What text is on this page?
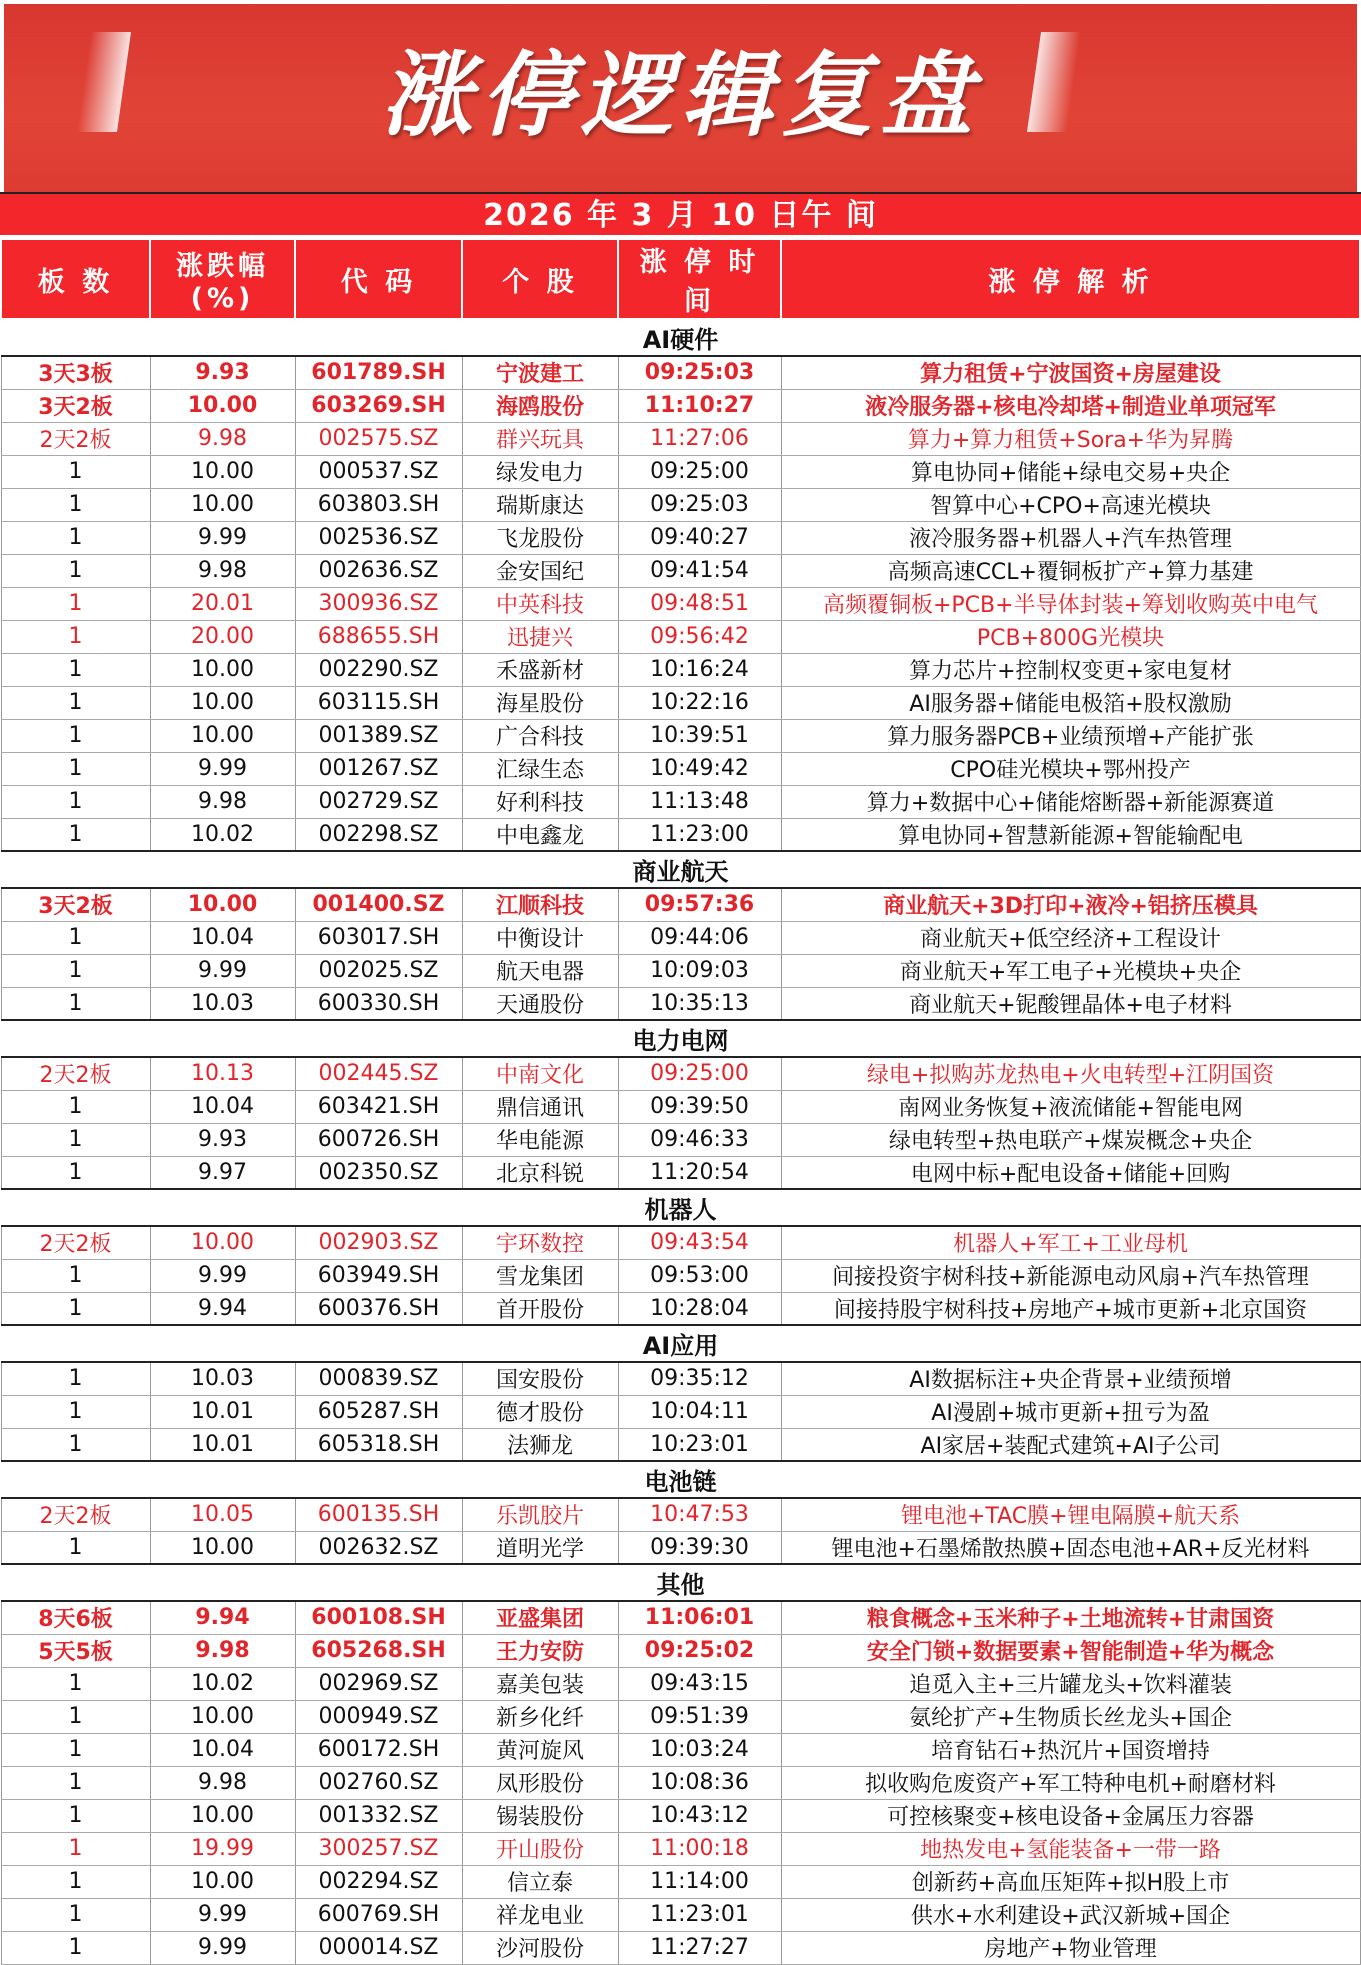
涨停逻辑复盘
2026 年 3 月 10 日午 间
板 数	涨跌幅(%)	代 码	个 股	涨 停 时 间	涨 停 解 析
AI硬件					
3天3板	9.93	601789.SH	宁波建工	09:25:03	算力租赁+宁波国资+房屋建设
3天2板	10.00	603269.SH	海鸥股份	11:10:27	液冷服务器+核电冷却塔+制造业单项冠军
2天2板	9.98	002575.SZ	群兴玩具	11:27:06	算力+算力租赁+Sora+华为昇腾
1	10.00	000537.SZ	绿发电力	09:25:00	算电协同+储能+绿电交易+央企
1	10.00	603803.SH	瑞斯康达	09:25:03	智算中心+CPO+高速光模块
1	9.99	002536.SZ	飞龙股份	09:40:27	液冷服务器+机器人+汽车热管理
1	9.98	002636.SZ	金安国纪	09:41:54	高频高速CCL+覆铜板扩产+算力基建
1	20.01	300936.SZ	中英科技	09:48:51	高频覆铜板+PCB+半导体封装+筹划收购英中电气
1	20.00	688655.SH	迅捷兴	09:56:42	PCB+800G光模块
1	10.00	002290.SZ	禾盛新材	10:16:24	算力芯片+控制权变更+家电复材
1	10.00	603115.SH	海星股份	10:22:16	AI服务器+储能电极箔+股权激励
1	10.00	001389.SZ	广合科技	10:39:51	算力服务器PCB+业绩预增+产能扩张
1	9.99	001267.SZ	汇绿生态	10:49:42	CPO硅光模块+鄂州投产
1	9.98	002729.SZ	好利科技	11:13:48	算力+数据中心+储能熔断器+新能源赛道
1	10.02	002298.SZ	中电鑫龙	11:23:00	算电协同+智慧新能源+智能输配电
商业航天					
3天2板	10.00	001400.SZ	江顺科技	09:57:36	商业航天+3D打印+液冷+铝挤压模具
1	10.04	603017.SH	中衡设计	09:44:06	商业航天+低空经济+工程设计
1	9.99	002025.SZ	航天电器	10:09:03	商业航天+军工电子+光模块+央企
1	10.03	600330.SH	天通股份	10:35:13	商业航天+铌酸锂晶体+电子材料
电力电网					
2天2板	10.13	002445.SZ	中南文化	09:25:00	绿电+拟购苏龙热电+火电转型+江阴国资
1	10.04	603421.SH	鼎信通讯	09:39:50	南网业务恢复+液流储能+智能电网
1	9.93	600726.SH	华电能源	09:46:33	绿电转型+热电联产+煤炭概念+央企
1	9.97	002350.SZ	北京科锐	11:20:54	电网中标+配电设备+储能+回购
机器人					
2天2板	10.00	002903.SZ	宇环数控	09:43:54	机器人+军工+工业母机
1	9.99	603949.SH	雪龙集团	09:53:00	间接投资宇树科技+新能源电动风扇+汽车热管理
1	9.94	600376.SH	首开股份	10:28:04	间接持股宇树科技+房地产+城市更新+北京国资
AI应用					
1	10.03	000839.SZ	国安股份	09:35:12	AI数据标注+央企背景+业绩预增
1	10.01	605287.SH	德才股份	10:04:11	AI漫剧+城市更新+扭亏为盈
1	10.01	605318.SH	法狮龙	10:23:01	AI家居+装配式建筑+AI子公司
电池链					
2天2板	10.05	600135.SH	乐凯胶片	10:47:53	锂电池+TAC膜+锂电隔膜+航天系
1	10.00	002632.SZ	道明光学	09:39:30	锂电池+石墨烯散热膜+固态电池+AR+反光材料
其他					
8天6板	9.94	600108.SH	亚盛集团	11:06:01	粮食概念+玉米种子+土地流转+甘肃国资
5天5板	9.98	605268.SH	王力安防	09:25:02	安全门锁+数据要素+智能制造+华为概念
1	10.02	002969.SZ	嘉美包装	09:43:15	追觅入主+三片罐龙头+饮料灌装
1	10.00	000949.SZ	新乡化纤	09:51:39	氨纶扩产+生物质长丝龙头+国企
1	10.04	600172.SH	黄河旋风	10:03:24	培育钻石+热沉片+国资增持
1	9.98	002760.SZ	凤形股份	10:08:36	拟收购危废资产+军工特种电机+耐磨材料
1	10.00	001332.SZ	锡装股份	10:43:12	可控核聚变+核电设备+金属压力容器
1	19.99	300257.SZ	开山股份	11:00:18	地热发电+氢能装备+一带一路
1	10.00	002294.SZ	信立泰	11:14:00	创新药+高血压矩阵+拟H股上市
1	9.99	600769.SH	祥龙电业	11:23:01	供水+水利建设+武汉新城+国企
1	9.99	000014.SZ	沙河股份	11:27:27	房地产+物业管理
